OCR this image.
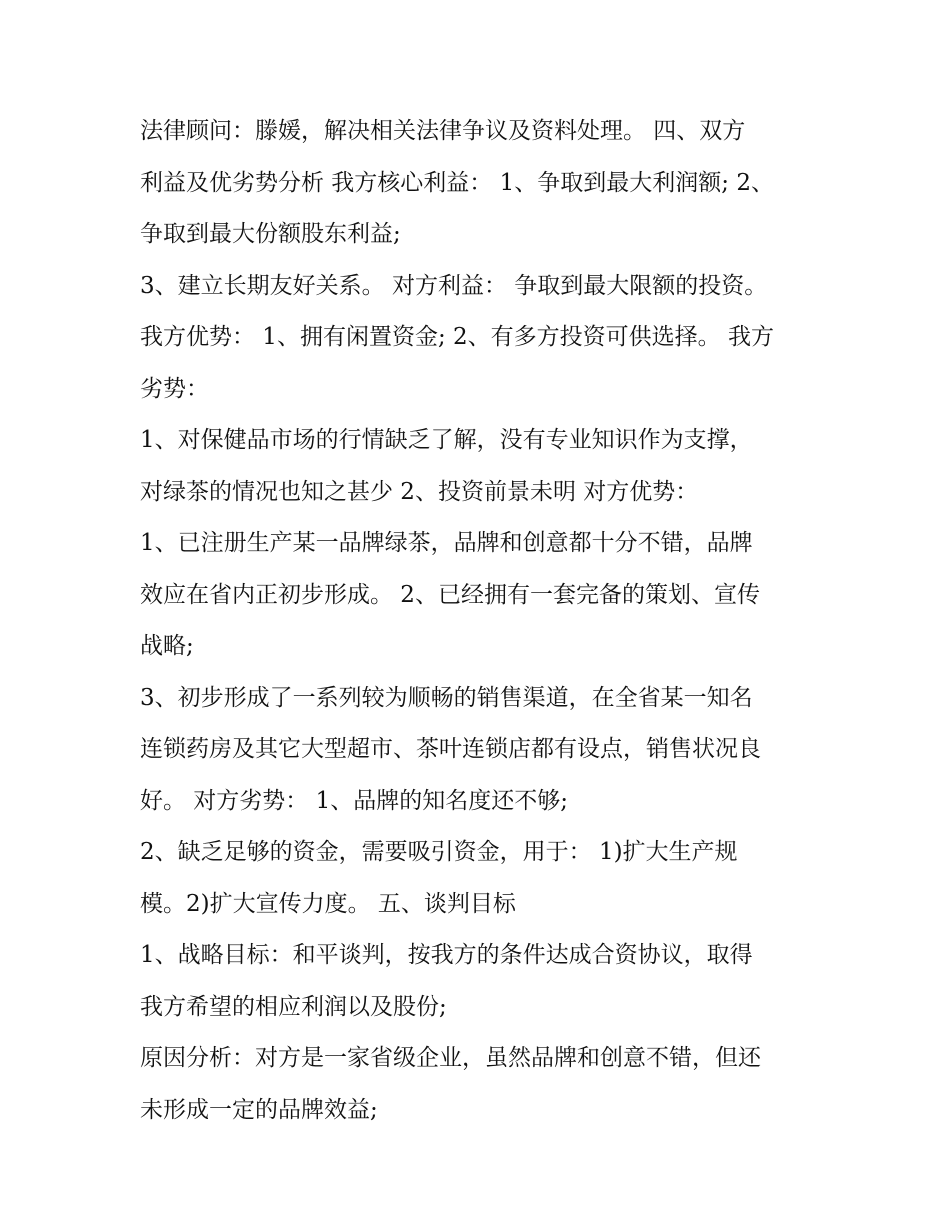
法律顾问：滕媛，解决相关法律争议及资料处理。 四、双方
利益及优劣势分析 我方核心利益： 1、争取到最大利润额; 2、
争取到最大份额股东利益;
3、建立长期友好关系。 对方利益： 争取到最大限额的投资。
我方优势： 1、拥有闲置资金; 2、有多方投资可供选择。 我方
劣势：
1、对保健品市场的行情缺乏了解，没有专业知识作为支撑，
对绿茶的情况也知之甚少 2、投资前景未明 对方优势：
1、已注册生产某一品牌绿茶，品牌和创意都十分不错，品牌
效应在省内正初步形成。 2、已经拥有一套完备的策划、宣传
战略;
3、初步形成了一系列较为顺畅的销售渠道，在全省某一知名
连锁药房及其它大型超市、茶叶连锁店都有设点，销售状况良
好。 对方劣势： 1、品牌的知名度还不够;
2、缺乏足够的资金，需要吸引资金，用于： 1)扩大生产规
模。2)扩大宣传力度。 五、谈判目标
1、战略目标：和平谈判，按我方的条件达成合资协议，取得
我方希望的相应利润以及股份;
原因分析：对方是一家省级企业，虽然品牌和创意不错，但还
未形成一定的品牌效益;
